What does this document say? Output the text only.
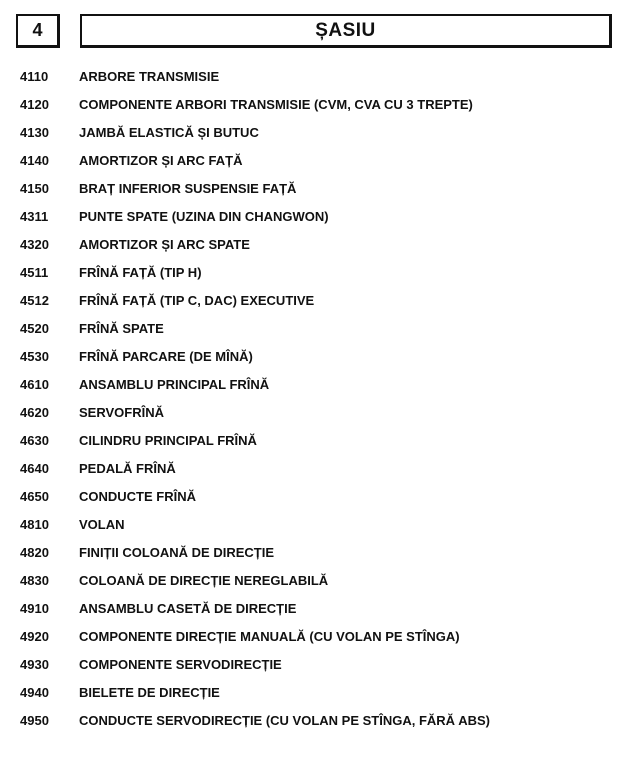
4	ȘASIU
4110	ARBORE TRANSMISIE
4120	COMPONENTE ARBORI TRANSMISIE (CVM, CVA CU 3 TREPTE)
4130	JAMBĂ ELASTICĂ ȘI BUTUC
4140	AMORTIZOR ȘI ARC FAȚĂ
4150	BRAȚ INFERIOR SUSPENSIE FAȚĂ
4311	PUNTE SPATE (UZINA DIN CHANGWON)
4320	AMORTIZOR ȘI ARC SPATE
4511	FRÎNĂ FAȚĂ (TIP H)
4512	FRÎNĂ FAȚĂ (TIP C, DAC) EXECUTIVE
4520	FRÎNĂ SPATE
4530	FRÎNĂ PARCARE (DE MÎNĂ)
4610	ANSAMBLU PRINCIPAL FRÎNĂ
4620	SERVOFRÎNĂ
4630	CILINDRU PRINCIPAL FRÎNĂ
4640	PEDALĂ FRÎNĂ
4650	CONDUCTE FRÎNĂ
4810	VOLAN
4820	FINIȚII COLOANĂ DE DIRECȚIE
4830	COLOANĂ DE DIRECȚIE NEREGLABILĂ
4910	ANSAMBLU CASETĂ DE DIRECȚIE
4920	COMPONENTE DIRECȚIE MANUALĂ (CU VOLAN PE STÎNGA)
4930	COMPONENTE SERVODIRECȚIE
4940	BIELETE DE DIRECȚIE
4950	CONDUCTE SERVODIRECȚIE (CU VOLAN PE STÎNGA, FĂRĂ ABS)
